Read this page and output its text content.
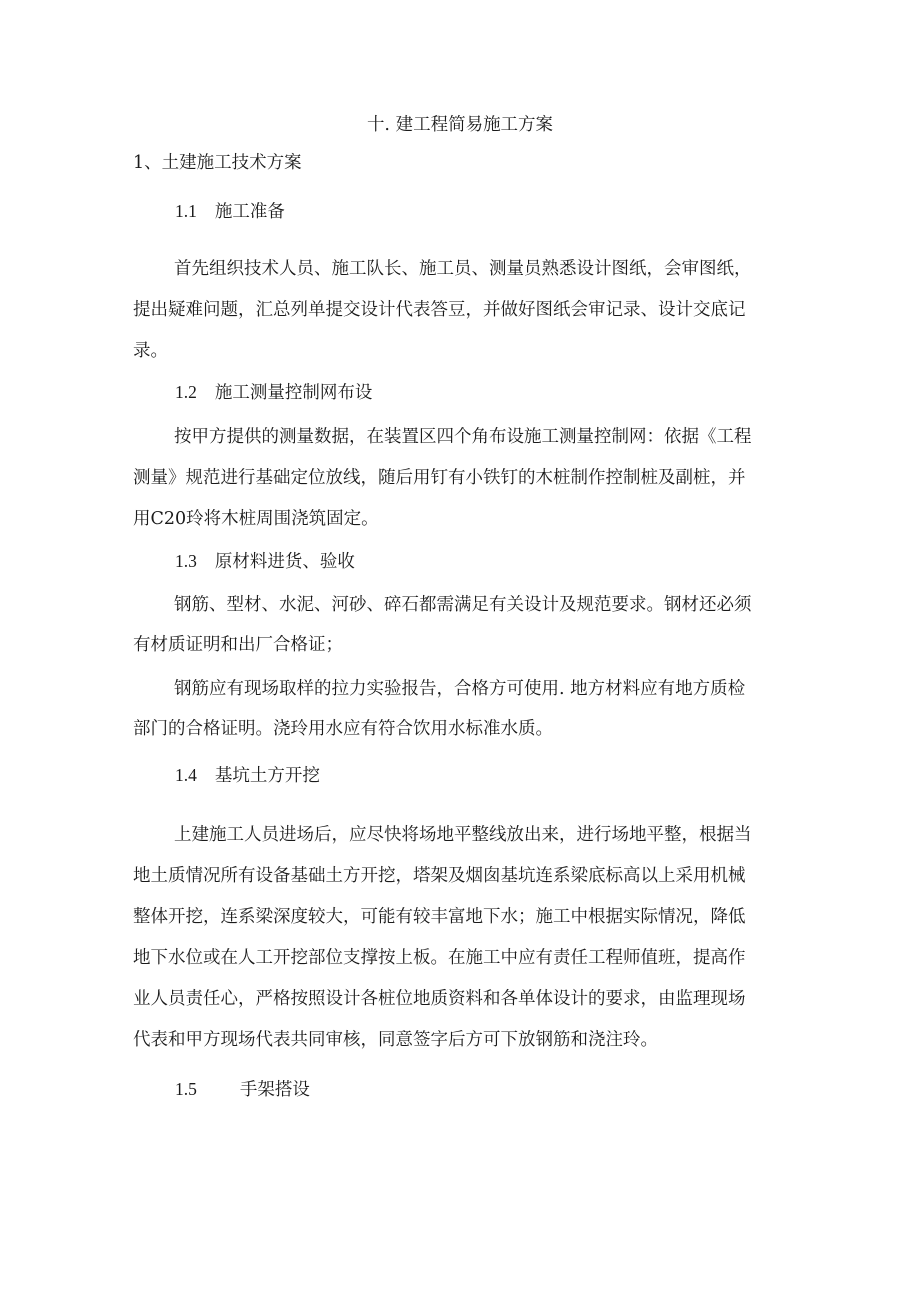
十. 建工程简易施工方案
1、土建施工技术方案
1.1 施工准备
首先组织技术人员、施工队长、施工员、测量员熟悉设计图纸，会审图纸，
提出疑难问题，汇总列单提交设计代表答豆，并做好图纸会审记录、设计交底记
录。
1.2 施工测量控制网布设
按甲方提供的测量数据，在装置区四个角布设施工测量控制网：依据《工程
测量》规范进行基础定位放线，随后用钉有小铁钉的木桩制作控制桩及副桩，并
用C20玲将木桩周围浇筑固定。
1.3 原材料进货、验收
钢筋、型材、水泥、河砂、碎石都需满足有关设计及规范要求。钢材还必须
有材质证明和出厂合格证；
钢筋应有现场取样的拉力实验报告，合格方可使用. 地方材料应有地方质检
部门的合格证明。浇玲用水应有符合饮用水标准水质。
1.4 基坑土方开挖
上建施工人员进场后，应尽快将场地平整线放出来，进行场地平整，根据当
地土质情况所有设备基础土方开挖，塔架及烟囱基坑连系梁底标高以上采用机械
整体开挖，连系梁深度较大，可能有较丰富地下水；施工中根据实际情况，降低
地下水位或在人工开挖部位支撑按上板。在施工中应有责任工程师值班，提高作
业人员责任心，严格按照设计各桩位地质资料和各单体设计的要求，由监理现场
代表和甲方现场代表共同审核，同意签字后方可下放钢筋和浇注玲。
1.5 手架搭设
